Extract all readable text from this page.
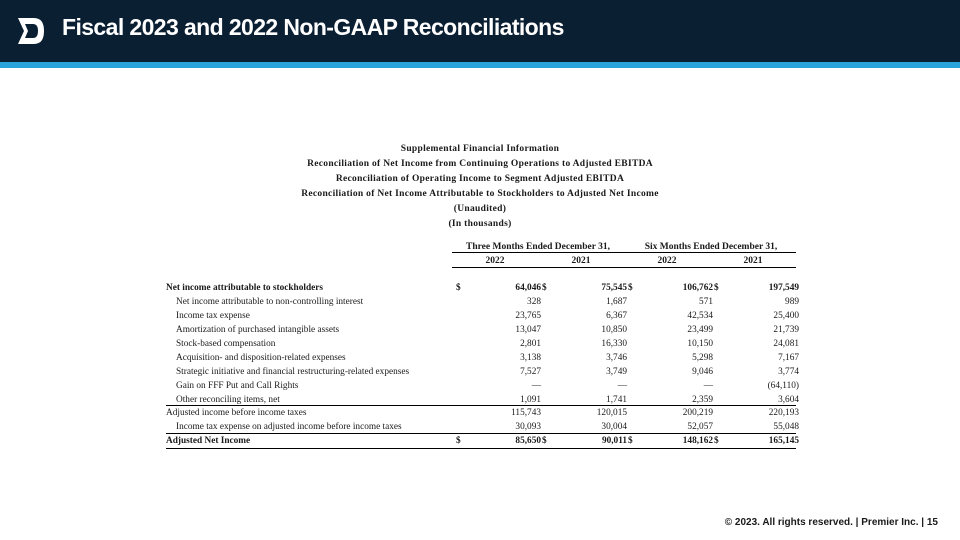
Fiscal 2023 and 2022 Non-GAAP Reconciliations
Supplemental Financial Information
Reconciliation of Net Income from Continuing Operations to Adjusted EBITDA
Reconciliation of Operating Income to Segment Adjusted EBITDA
Reconciliation of Net Income Attributable to Stockholders to Adjusted Net Income
(Unaudited)
(In thousands)
Three Months Ended December 31,	Six Months Ended December 31,
2022	2021	2022	2021
Net income attributable to stockholders	$	64,046 $	75,545 $	106,762 $	197,549
Net income attributable to non-controlling interest	328	1,687	571	989
Income tax expense	23,765	6,367	42,534	25,400
Amortization of purchased intangible assets	13,047	10,850	23,499	21,739
Stock-based compensation	2,801	16,330	10,150	24,081
Acquisition- and disposition-related expenses	3,138	3,746	5,298	7,167
Strategic initiative and financial restructuring-related expenses	7,527	3,749	9,046	3,774
Gain on FFF Put and Call Rights	—	—	—	(64,110)
Other reconciling items, net	1,091	1,741	2,359	3,604
Adjusted income before income taxes	115,743	120,015	200,219	220,193
Income tax expense on adjusted income before income taxes	30,093	30,004	52,057	55,048
Adjusted Net Income	$	85,650 $	90,011 $	148,162 $	165,145
© 2023. All rights reserved. | Premier Inc. | 15
